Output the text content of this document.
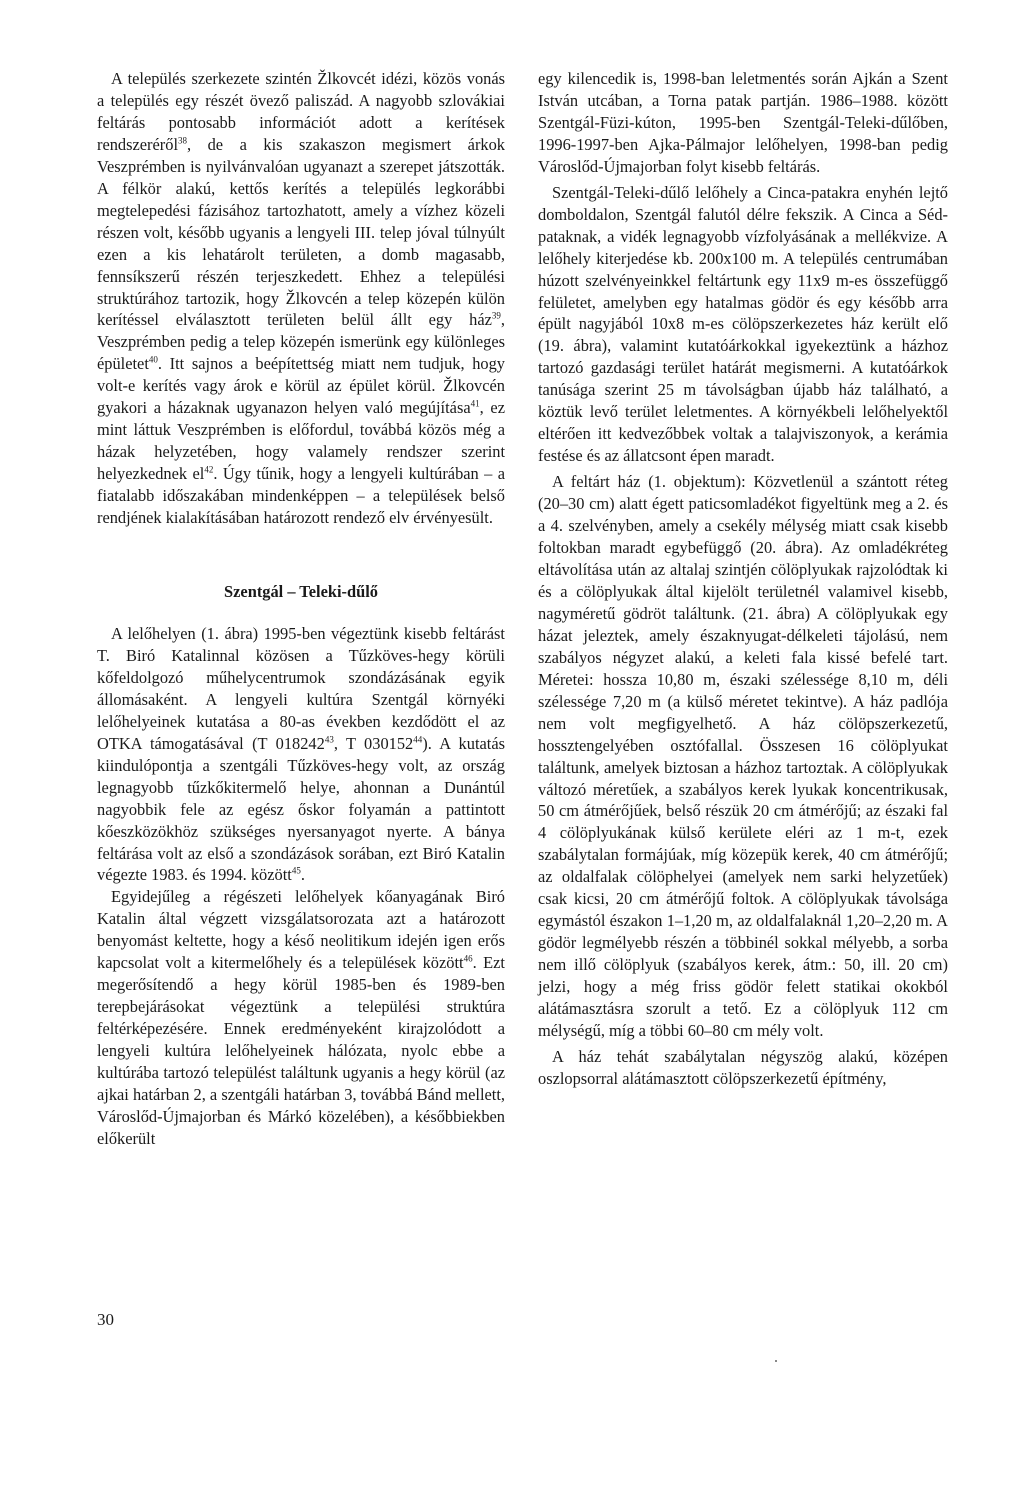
A település szerkezete szintén Žlkovcét idézi, közös vonás a település egy részét övező paliszád. A nagyobb szlovákiai feltárás pontosabb információt adott a kerítések rendszeréről$^{38}$, de a kis szakaszon megismert árkok Veszprémben is nyilvánvalóan ugyanazt a szerepet játszották. A félkör alakú, kettős kerítés a település legkorábbi megtelepedési fázisához tartozhatott, amely a vízhez közeli részen volt, később ugyanis a lengyeli III. telep jóval túlnyúlt ezen a kis lehatárolt területen, a domb magasabb, fennsíkszerű részén terjeszkedett. Ehhez a települési struktúrához tartozik, hogy Žlkovcén a telep közepén külön kerítéssel elválasztott területen belül állt egy ház$^{39}$, Veszprémben pedig a telep közepén ismerünk egy különleges épületet$^{40}$. Itt sajnos a beépítettség miatt nem tudjuk, hogy volt-e kerítés vagy árok e körül az épület körül. Žlkovcén gyakori a házaknak ugyanazon helyen való megújítása$^{41}$, ez mint láttuk Veszprémben is előfordul, továbbá közös még a házak helyzetében, hogy valamely rendszer szerint helyezkednek el$^{42}$. Úgy tűnik, hogy a lengyeli kultúrában – a fiatalabb időszakában mindenképpen – a települések belső rendjének kialakításában határozott rendező elv érvényesült.

Szentgál – Teleki-dűlő

A lelőhelyen (1. ábra) 1995-ben végeztünk kisebb feltárást T. Biró Katalinnal közösen a Tűzköves-hegy körüli kőfeldolgozó műhelycentrumok szondázásának egyik állomásaként. A lengyeli kultúra Szentgál környéki lelőhelyeinek kutatása a 80-as években kezdődött el az OTKA támogatásával (T 018242$^{43}$, T 030152$^{44}$). A kutatás kiindulópontja a szentgáli Tűzköves-hegy volt, az ország legnagyobb tűzkőkitermelő helye, ahonnan a Dunántúl nagyobbik fele az egész őskor folyamán a pattintott kőeszközökhöz szükséges nyersanyagot nyerte. A bánya feltárása volt az első a szondázások sorában, ezt Biró Katalin végezte 1983. és 1994. között$^{45}$.

Egyidejűleg a régészeti lelőhelyek kőanyagának Biró Katalin által végzett vizsgálatsorozata azt a határozott benyomást keltette, hogy a késő neolitikum idején igen erős kapcsolat volt a kitermelőhely és a települések között$^{46}$. Ezt megerősítendő a hegy körül 1985-ben és 1989-ben terepbejárásokat végeztünk a települési struktúra feltérképezésére. Ennek eredményeként kirajzolódott a lengyeli kultúra lelőhelyeinek hálózata, nyolc ebbe a kultúrába tartozó települést találtunk ugyanis a hegy körül (az ajkai határban 2, a szentgáli határban 3, továbbá Bánd mellett, Városlőd-Újmajorban és Márkó közelében), a későbbiekben előkerült

egy kilencedik is, 1998-ban leletmentés során Ajkán a Szent István utcában, a Torna patak partján. 1986–1988. között Szentgál-Füzi-kúton, 1995-ben Szentgál-Teleki-dűlőben, 1996-1997-ben Ajka-Pálmajor lelőhelyen, 1998-ban pedig Városlőd-Újmajorban folyt kisebb feltárás.

Szentgál-Teleki-dűlő lelőhely a Cinca-patakra enyhén lejtő domboldalon, Szentgál falutól délre fekszik. A Cinca a Séd-pataknak, a vidék legnagyobb vízfolyásának a mellékvize. A lelőhely kiterjedése kb. 200x100 m. A település centrumában húzott szelvényeinkkel feltártunk egy 11x9 m-es összefüggő felületet, amelyben egy hatalmas gödör és egy később arra épült nagyjából 10x8 m-es cölöpszerkezetes ház került elő (19. ábra), valamint kutatóárkokkal igyekeztünk a házhoz tartozó gazdasági terület határát megismerni. A kutatóárkok tanúsága szerint 25 m távolságban újabb ház található, a köztük levő terület leletmentes. A környékbeli lelőhelyektől eltérően itt kedvezőbbek voltak a talajviszonyok, a kerámia festése és az állatcsont épen maradt.

A feltárt ház (1. objektum): Közvetlenül a szántott réteg (20–30 cm) alatt égett paticsomladékot figyeltünk meg a 2. és a 4. szelvényben, amely a csekély mélység miatt csak kisebb foltokban maradt egybefüggő (20. ábra). Az omladékréteg eltávolítása után az altalaj szintjén cölöplyukak rajzolódtak ki és a cölöplyukak által kijelölt területnél valamivel kisebb, nagyméretű gödröt találtunk. (21. ábra) A cölöplyukak egy házat jeleztek, amely északnyugat-délkeleti tájolású, nem szabályos négyzet alakú, a keleti fala kissé befelé tart. Méretei: hossza 10,80 m, északi szélessége 8,10 m, déli szélessége 7,20 m (a külső méretet tekintve). A ház padlója nem volt megfigyelhető. A ház cölöpszerkezetű, hossztengelyében osztófallal. Összesen 16 cölöplyukat találtunk, amelyek biztosan a házhoz tartoztak. A cölöplyukak változó méretűek, a szabályos kerek lyukak koncentrikusak, 50 cm átmérőjűek, belső részük 20 cm átmérőjű; az északi fal 4 cölöplyukának külső kerülete eléri az 1 m-t, ezek szabálytalan formájúak, míg közepük kerek, 40 cm átmérőjű; az oldalfalak cölöphelyei (amelyek nem sarki helyzetűek) csak kicsi, 20 cm átmérőjű foltok. A cölöplyukak távolsága egymástól északon 1–1,20 m, az oldalfalaknál 1,20–2,20 m. A gödör legmélyebb részén a többinél sokkal mélyebb, a sorba nem illő cölöplyuk (szabályos kerek, átm.: 50, ill. 20 cm) jelzi, hogy a még friss gödör felett statikai okokból alátámasztásra szorult a tető. Ez a cölöplyuk 112 cm mélységű, míg a többi 60–80 cm mély volt.

A ház tehát szabálytalan négyszög alakú, középen oszlopsorral alátámasztott cölöpszerkezetű építmény,

30
